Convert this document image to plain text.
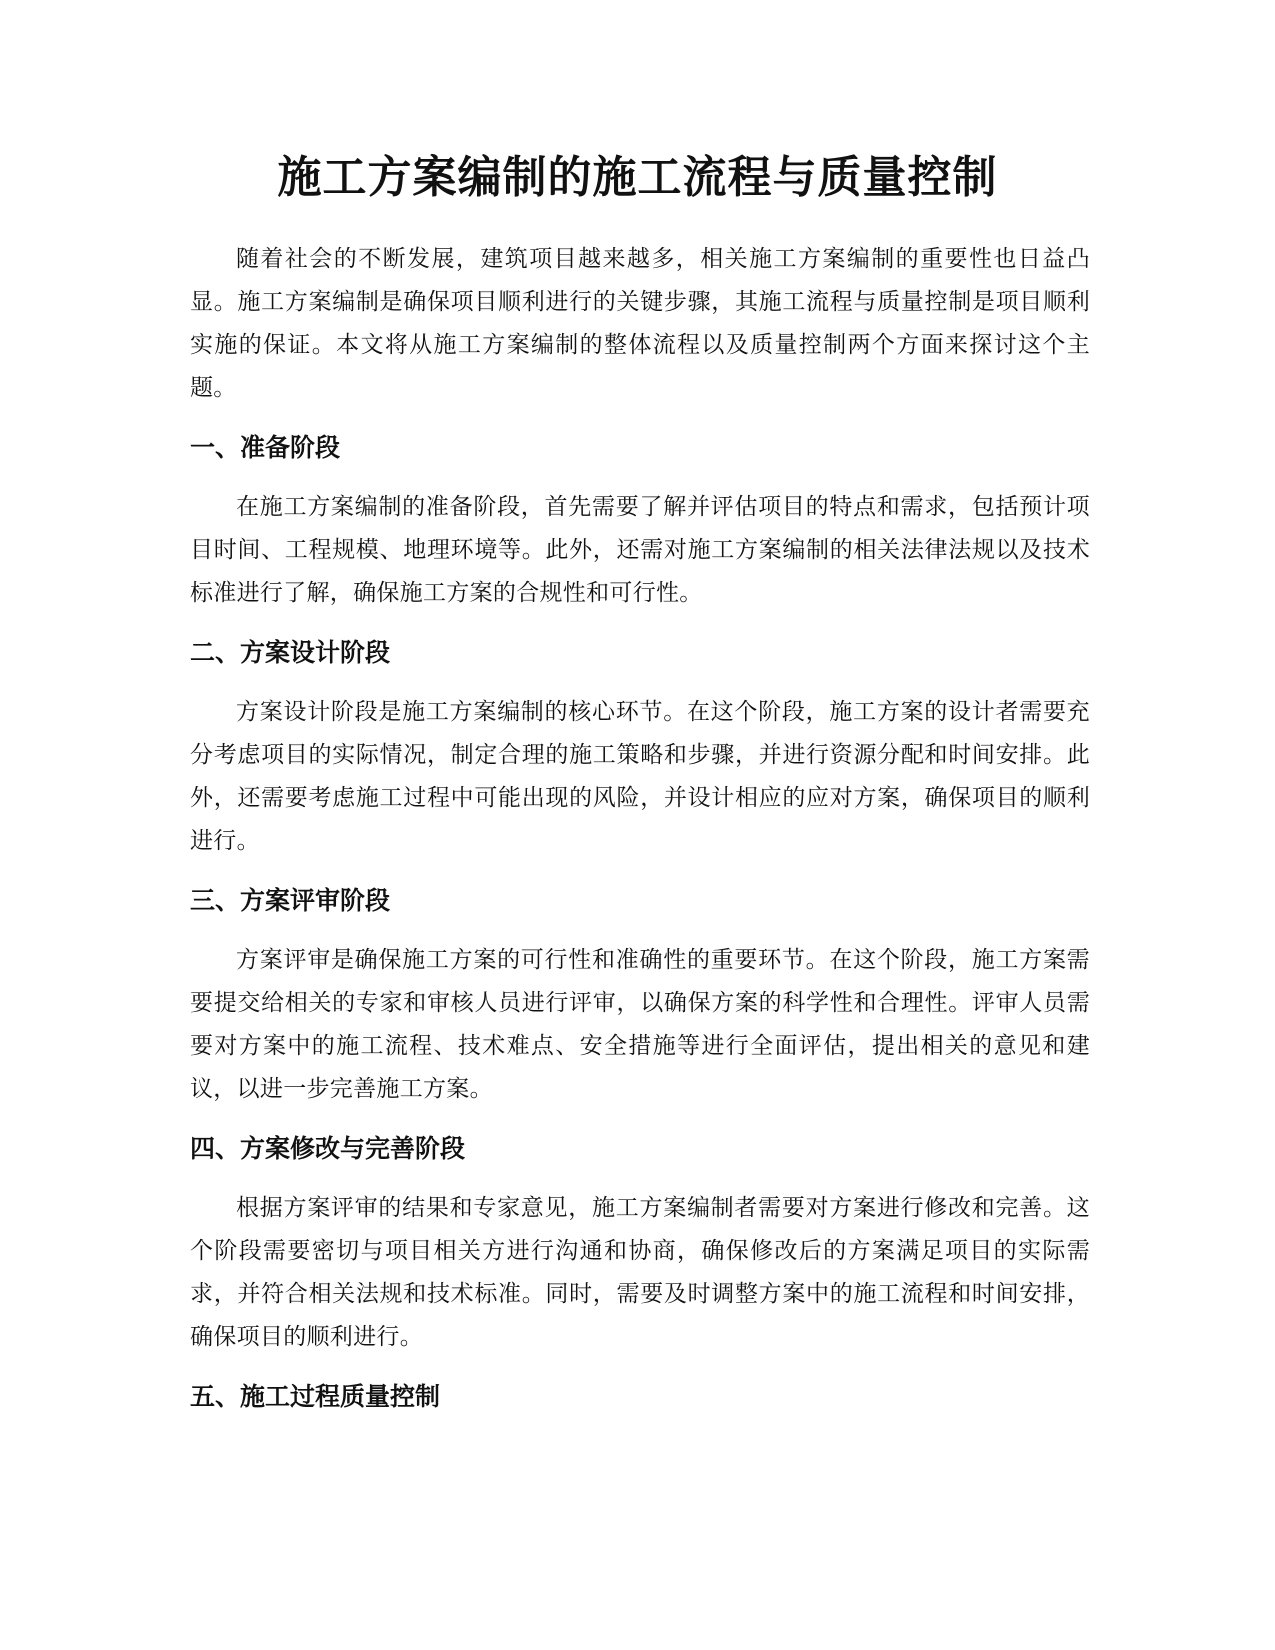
施工方案编制的施工流程与质量控制

随着社会的不断发展，建筑项目越来越多，相关施工方案编制的重要性也日益凸显。施工方案编制是确保项目顺利进行的关键步骤，其施工流程与质量控制是项目顺利实施的保证。本文将从施工方案编制的整体流程以及质量控制两个方面来探讨这个主题。

一、准备阶段

在施工方案编制的准备阶段，首先需要了解并评估项目的特点和需求，包括预计项目时间、工程规模、地理环境等。此外，还需对施工方案编制的相关法律法规以及技术标准进行了解，确保施工方案的合规性和可行性。

二、方案设计阶段

方案设计阶段是施工方案编制的核心环节。在这个阶段，施工方案的设计者需要充分考虑项目的实际情况，制定合理的施工策略和步骤，并进行资源分配和时间安排。此外，还需要考虑施工过程中可能出现的风险，并设计相应的应对方案，确保项目的顺利进行。

三、方案评审阶段

方案评审是确保施工方案的可行性和准确性的重要环节。在这个阶段，施工方案需要提交给相关的专家和审核人员进行评审，以确保方案的科学性和合理性。评审人员需要对方案中的施工流程、技术难点、安全措施等进行全面评估，提出相关的意见和建议，以进一步完善施工方案。

四、方案修改与完善阶段

根据方案评审的结果和专家意见，施工方案编制者需要对方案进行修改和完善。这个阶段需要密切与项目相关方进行沟通和协商，确保修改后的方案满足项目的实际需求，并符合相关法规和技术标准。同时，需要及时调整方案中的施工流程和时间安排，确保项目的顺利进行。

五、施工过程质量控制
